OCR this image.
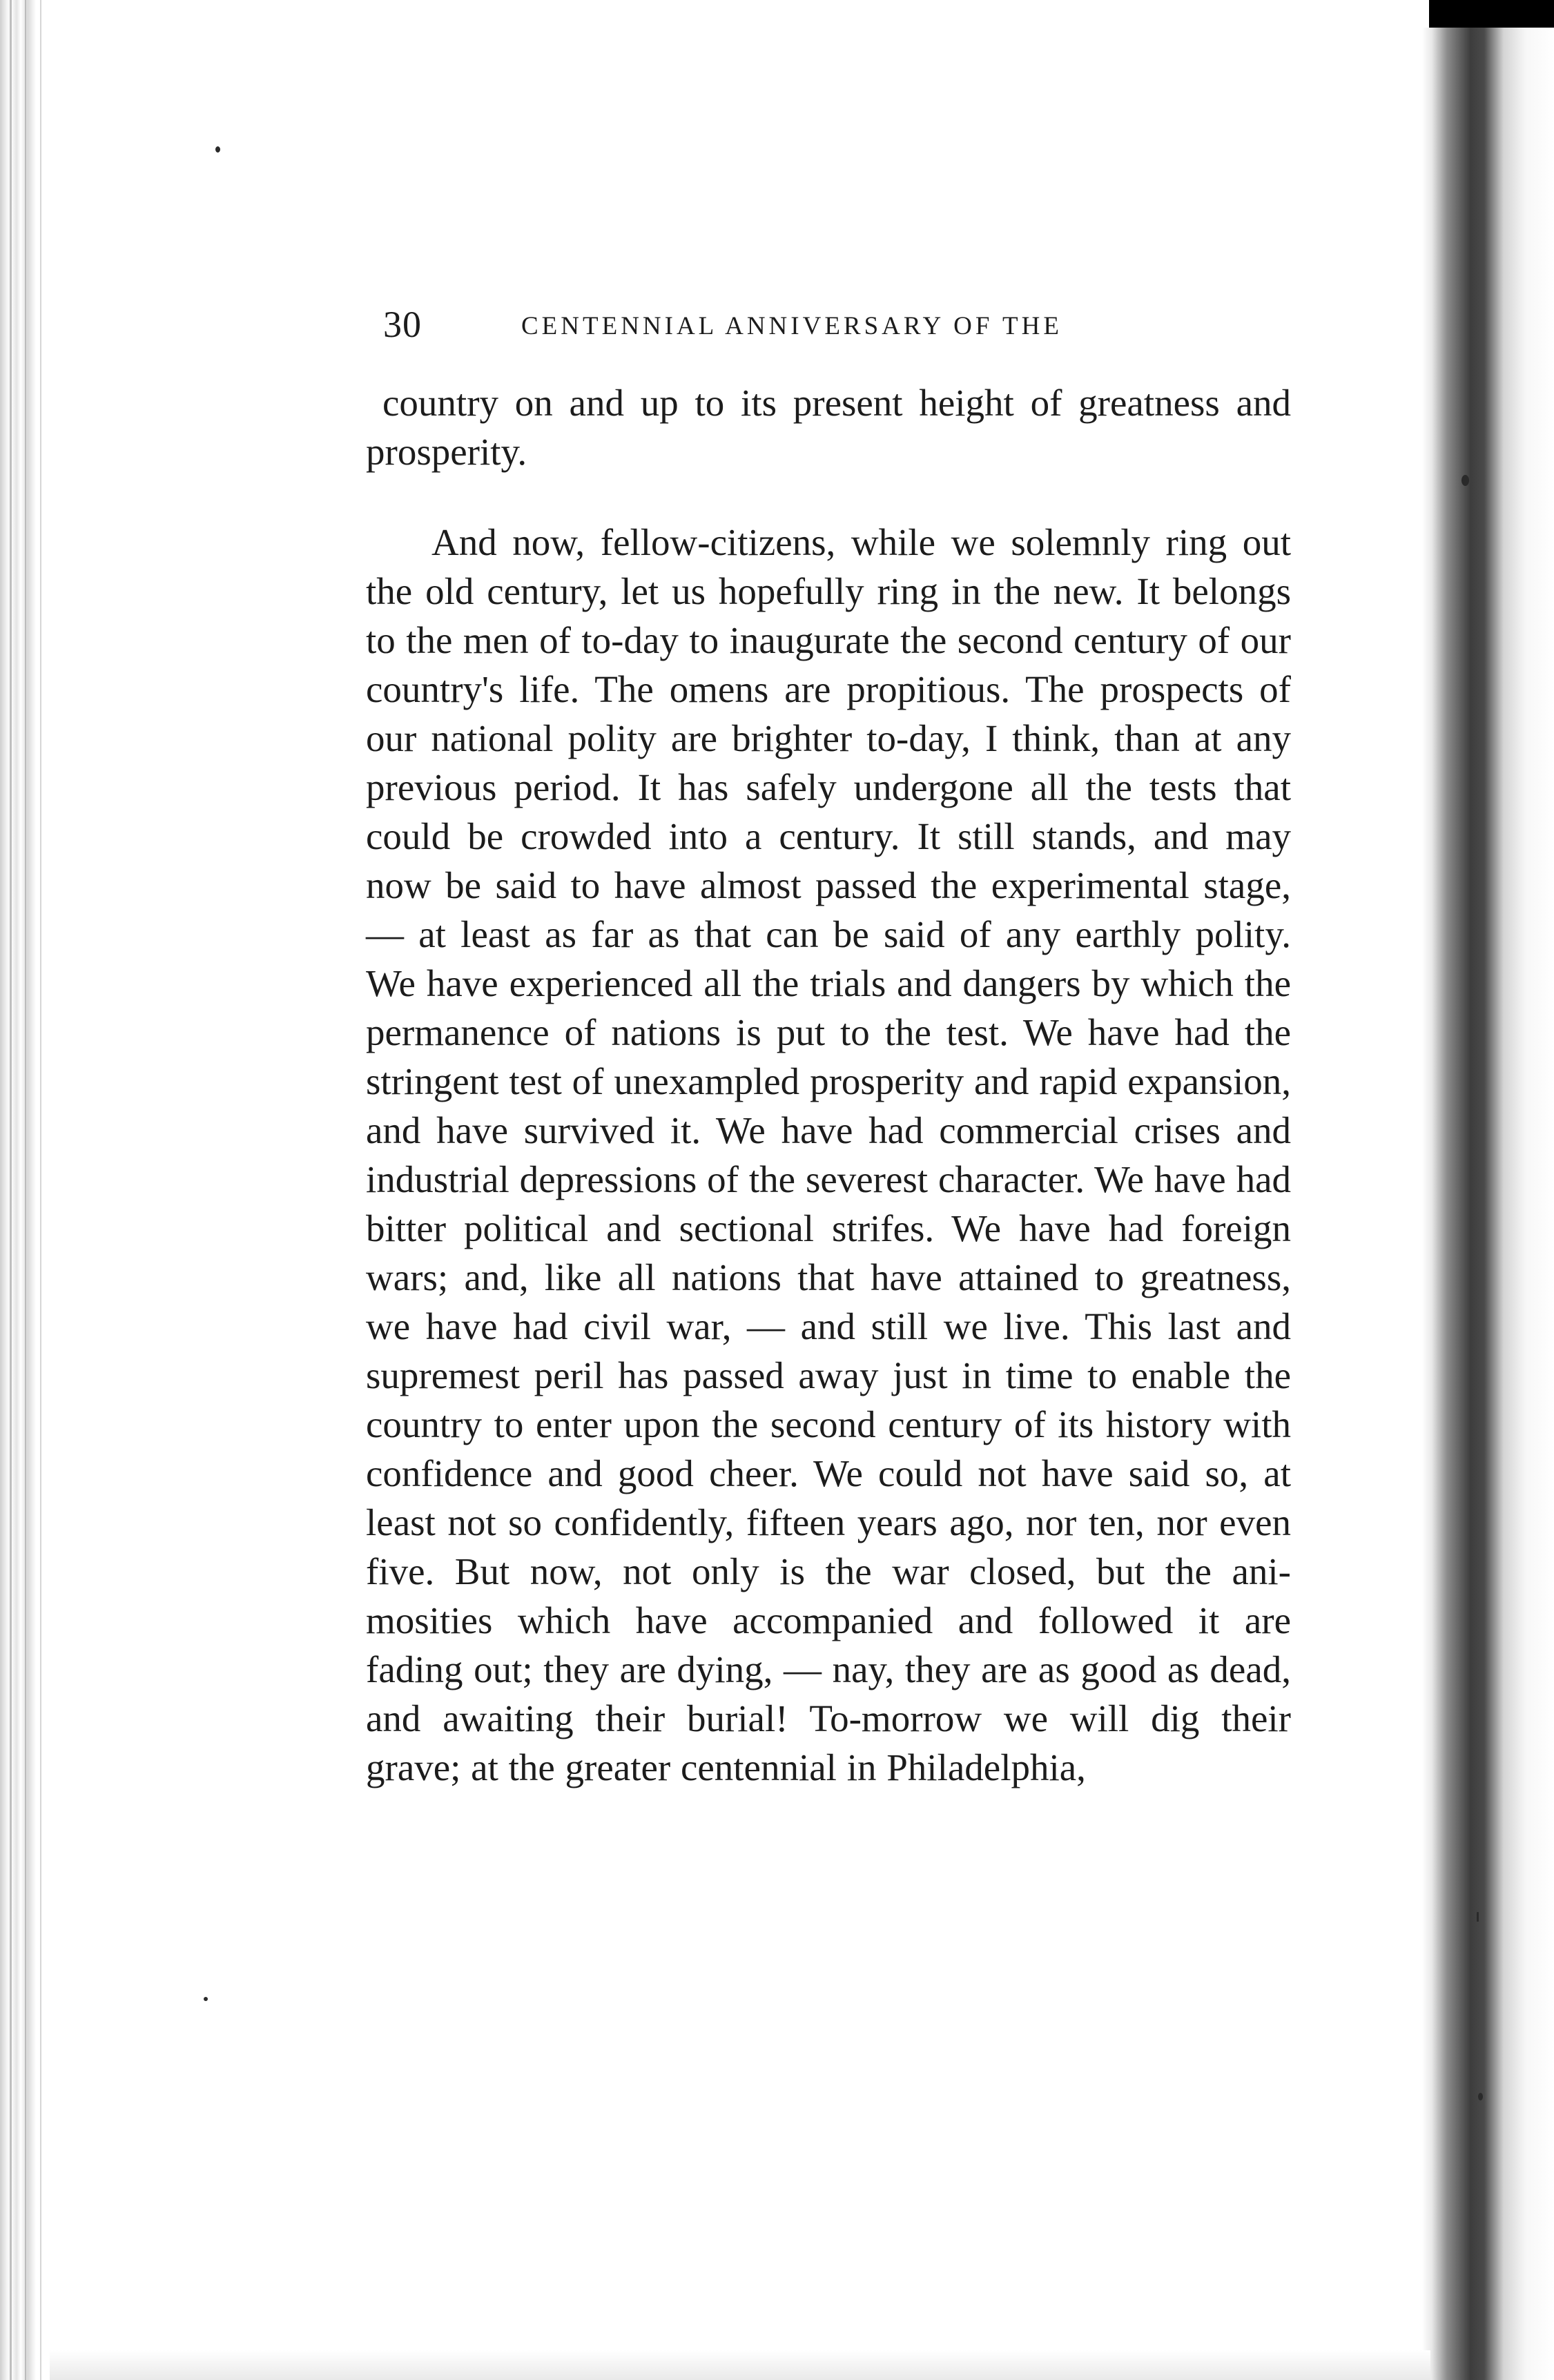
30	CENTENNIAL ANNIVERSARY OF THE

country on and up to its present height of greatness and prosperity.

And now, fellow-citizens, while we solemnly ring out the old century, let us hopefully ring in the new. It belongs to the men of to-day to inaugurate the second century of our country's life. The omens are propitious. The prospects of our national polity are brighter to-day, I think, than at any previous period. It has safely undergone all the tests that could be crowded into a century. It still stands, and may now be said to have almost passed the experimental stage, — at least as far as that can be said of any earthly polity. We have experienced all the trials and dangers by which the permanence of nations is put to the test. We have had the stringent test of unexampled prosperity and rapid expansion, and have survived it. We have had commercial crises and industrial depressions of the severest character. We have had bitter political and sectional strifes. We have had foreign wars; and, like all nations that have attained to greatness, we have had civil war, — and still we live. This last and supremest peril has passed away just in time to enable the country to enter upon the second century of its history with confidence and good cheer. We could not have said so, at least not so confidently, fifteen years ago, nor ten, nor even five. But now, not only is the war closed, but the animosities which have accompanied and followed it are fading out; they are dying, — nay, they are as good as dead, and awaiting their burial! To-morrow we will dig their grave; at the greater centennial in Philadelphia,
